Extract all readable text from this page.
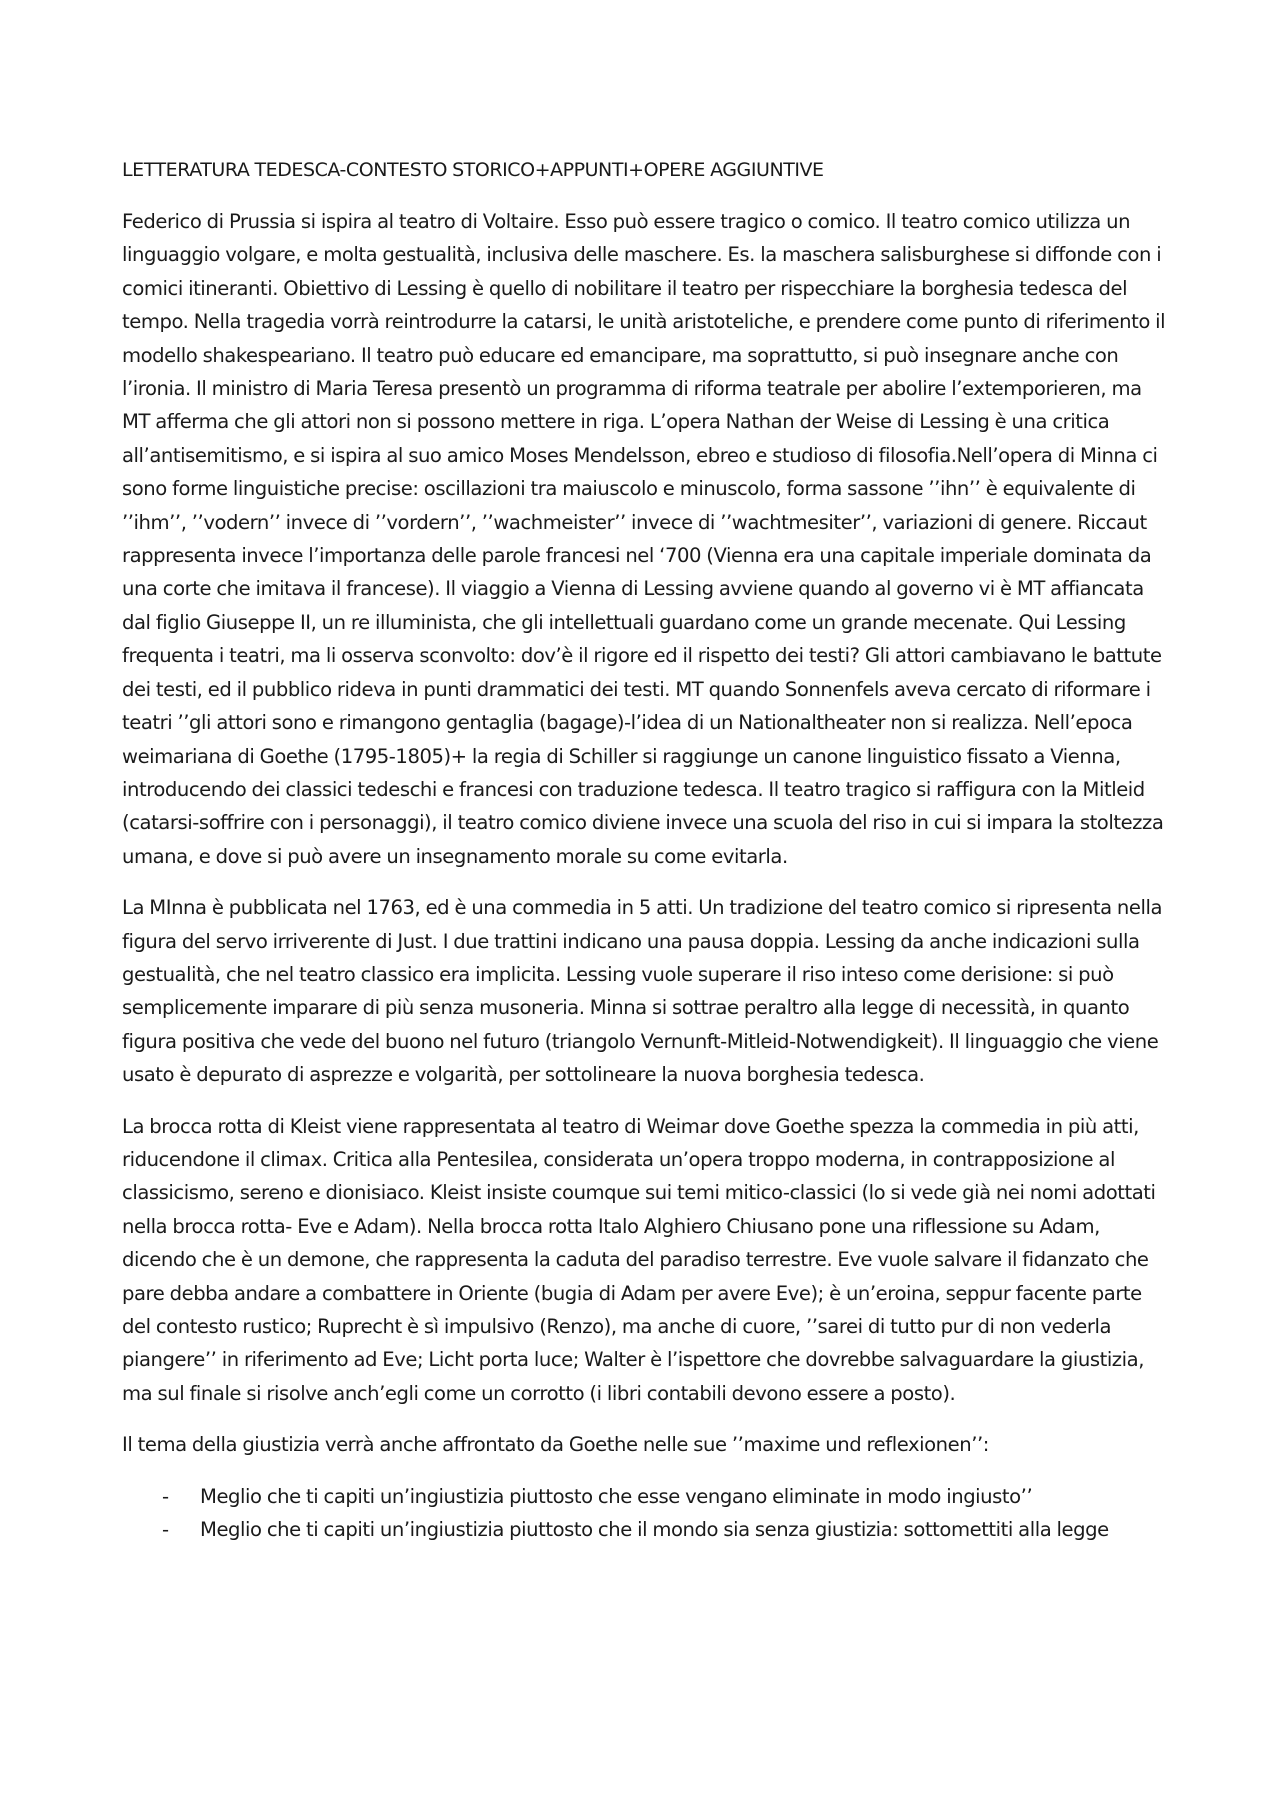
LETTERATURA TEDESCA-CONTESTO STORICO+APPUNTI+OPERE AGGIUNTIVE

Federico di Prussia si ispira al teatro di Voltaire. Esso può essere tragico o comico. Il teatro comico utilizza un linguaggio volgare, e molta gestualità, inclusiva delle maschere. Es. la maschera salisburghese si diffonde con i comici itineranti. Obiettivo di Lessing è quello di nobilitare il teatro per rispecchiare la borghesia tedesca del tempo. Nella tragedia vorrà reintrodurre la catarsi, le unità aristoteliche, e prendere come punto di riferimento il modello shakespeariano. Il teatro può educare ed emancipare, ma soprattutto, si può insegnare anche con l’ironia. Il ministro di Maria Teresa presentò un programma di riforma teatrale per abolire l’extemporieren, ma MT afferma che gli attori non si possono mettere in riga. L’opera Nathan der Weise di Lessing è una critica all’antisemitismo, e si ispira al suo amico Moses Mendelsson, ebreo e studioso di filosofia.Nell’opera di Minna ci sono forme linguistiche precise: oscillazioni tra maiuscolo e minuscolo, forma sassone ’’ihn’’ è equivalente di ’’ihm’’, ’’vodern’’ invece di ’’vordern’’, ’’wachmeister’’ invece di ’’wachtmesiter’’, variazioni di genere. Riccaut rappresenta invece l’importanza delle parole francesi nel ‘700 (Vienna era una capitale imperiale dominata da una corte che imitava il francese). Il viaggio a Vienna di Lessing avviene quando al governo vi è MT affiancata dal figlio Giuseppe II, un re illuminista, che gli intellettuali guardano come un grande mecenate. Qui Lessing frequenta i teatri, ma li osserva sconvolto: dov’è il rigore ed il rispetto dei testi? Gli attori cambiavano le battute dei testi, ed il pubblico rideva in punti drammatici dei testi. MT quando Sonnenfels aveva cercato di riformare i teatri ’’gli attori sono e rimangono gentaglia (bagage)-l’idea di un Nationaltheater non si realizza. Nell’epoca weimariana di Goethe (1795-1805)+ la regia di Schiller si raggiunge un canone linguistico fissato a Vienna, introducendo dei classici tedeschi e francesi con traduzione tedesca. Il teatro tragico si raffigura con la Mitleid (catarsi-soffrire con i personaggi), il teatro comico diviene invece una scuola del riso in cui si impara la stoltezza umana, e dove si può avere un insegnamento morale su come evitarla.

La MInna è pubblicata nel 1763, ed è una commedia in 5 atti. Un tradizione del teatro comico si ripresenta nella figura del servo irriverente di Just. I due trattini indicano una pausa doppia. Lessing da anche indicazioni sulla gestualità, che nel teatro classico era implicita. Lessing vuole superare il riso inteso come derisione: si può semplicemente imparare di più senza musoneria. Minna si sottrae peraltro alla legge di necessità, in quanto figura positiva che vede del buono nel futuro (triangolo Vernunft-Mitleid-Notwendigkeit). Il linguaggio che viene usato è depurato di asprezze e volgarità, per sottolineare la nuova borghesia tedesca.

La brocca rotta di Kleist viene rappresentata al teatro di Weimar dove Goethe spezza la commedia in più atti, riducendone il climax. Critica alla Pentesilea, considerata un’opera troppo moderna, in contrapposizione al classicismo, sereno e dionisiaco. Kleist insiste coumque sui temi mitico-classici (lo si vede già nei nomi adottati nella brocca rotta- Eve e Adam). Nella brocca rotta Italo Alghiero Chiusano pone una riflessione su Adam, dicendo che è un demone, che rappresenta la caduta del paradiso terrestre. Eve vuole salvare il fidanzato che pare debba andare a combattere in Oriente (bugia di Adam per avere Eve); è un’eroina, seppur facente parte del contesto rustico; Ruprecht è sì impulsivo (Renzo), ma anche di cuore, ’’sarei di tutto pur di non vederla piangere’’ in riferimento ad Eve; Licht porta luce; Walter è l’ispettore che dovrebbe salvaguardare la giustizia, ma sul finale si risolve anch’egli come un corrotto (i libri contabili devono essere a posto).

Il tema della giustizia verrà anche affrontato da Goethe nelle sue ’’maxime und reflexionen’’:

- Meglio che ti capiti un’ingiustizia piuttosto che esse vengano eliminate in modo ingiusto’’
- Meglio che ti capiti un’ingiustizia piuttosto che il mondo sia senza giustizia: sottomettiti alla legge
